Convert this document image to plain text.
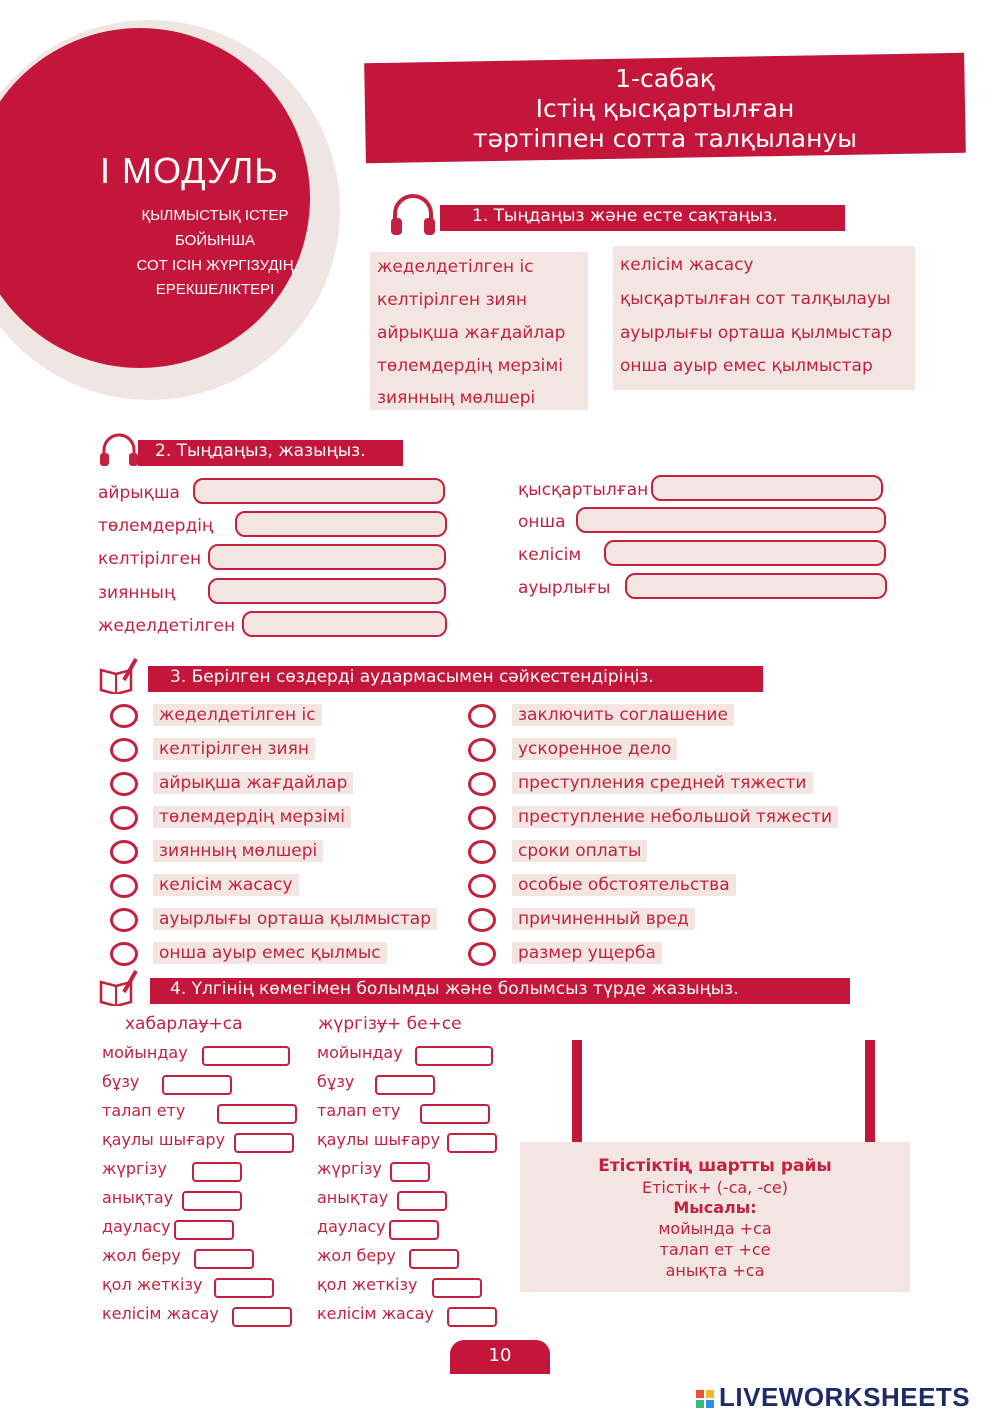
І МОДУЛЬ
ҚЫЛМЫСТЫҚ ІСТЕР
БОЙЫНША
СОТ ІСІН ЖҮРГІЗУДІҢ
ЕРЕКШЕЛІКТЕРІ
1-сабақ
Істің қысқартылған
тәртіппен сотта талқылануы
1. Тыңдаңыз және есте сақтаңыз.
жеделдетілген іс
келтірілген зиян
айрықша жағдайлар
төлемдердің мерзімі
зиянның мөлшері
келісім жасасу
қысқартылған сот талқылауы
ауырлығы орташа қылмыстар
онша ауыр емес қылмыстар
2. Тыңдаңыз, жазыңыз.
айрықша
төлемдердің
келтірілген
зиянның
жеделдетілген
қысқартылған
онша
келісім
ауырлығы
3. Берілген сөздерді аудармасымен сәйкестендіріңіз.
жеделдетілген іс	заключить соглашение
келтірілген зиян	ускоренное дело
айрықша жағдайлар	преступления средней тяжести
төлемдердің мерзімі	преступление небольшой тяжести
зиянның мөлшері	сроки оплаты
келісім жасасу	особые обстоятельства
ауырлығы орташа қылмыстар	причиненный вред
онша ауыр емес қылмыс	размер ущерба
4. Үлгінің көмегімен болымды және болымсыз түрде жазыңыз.
хабарлау+са	жүргізу+ бе+се
мойындау	мойындау
бұзу	бұзу
талап ету	талап ету
қаулы шығару	қаулы шығару
жүргізу	жүргізу
анықтау	анықтау
дауласу	дауласу
жол беру	жол беру
қол жеткізу	қол жеткізу
келісім жасау	келісім жасау
Етістіктің шартты райы
Етістік+ (-са, -се)
Мысалы:
мойында +са
талап ет +се
анықта +са
10
LIVEWORKSHEETS
